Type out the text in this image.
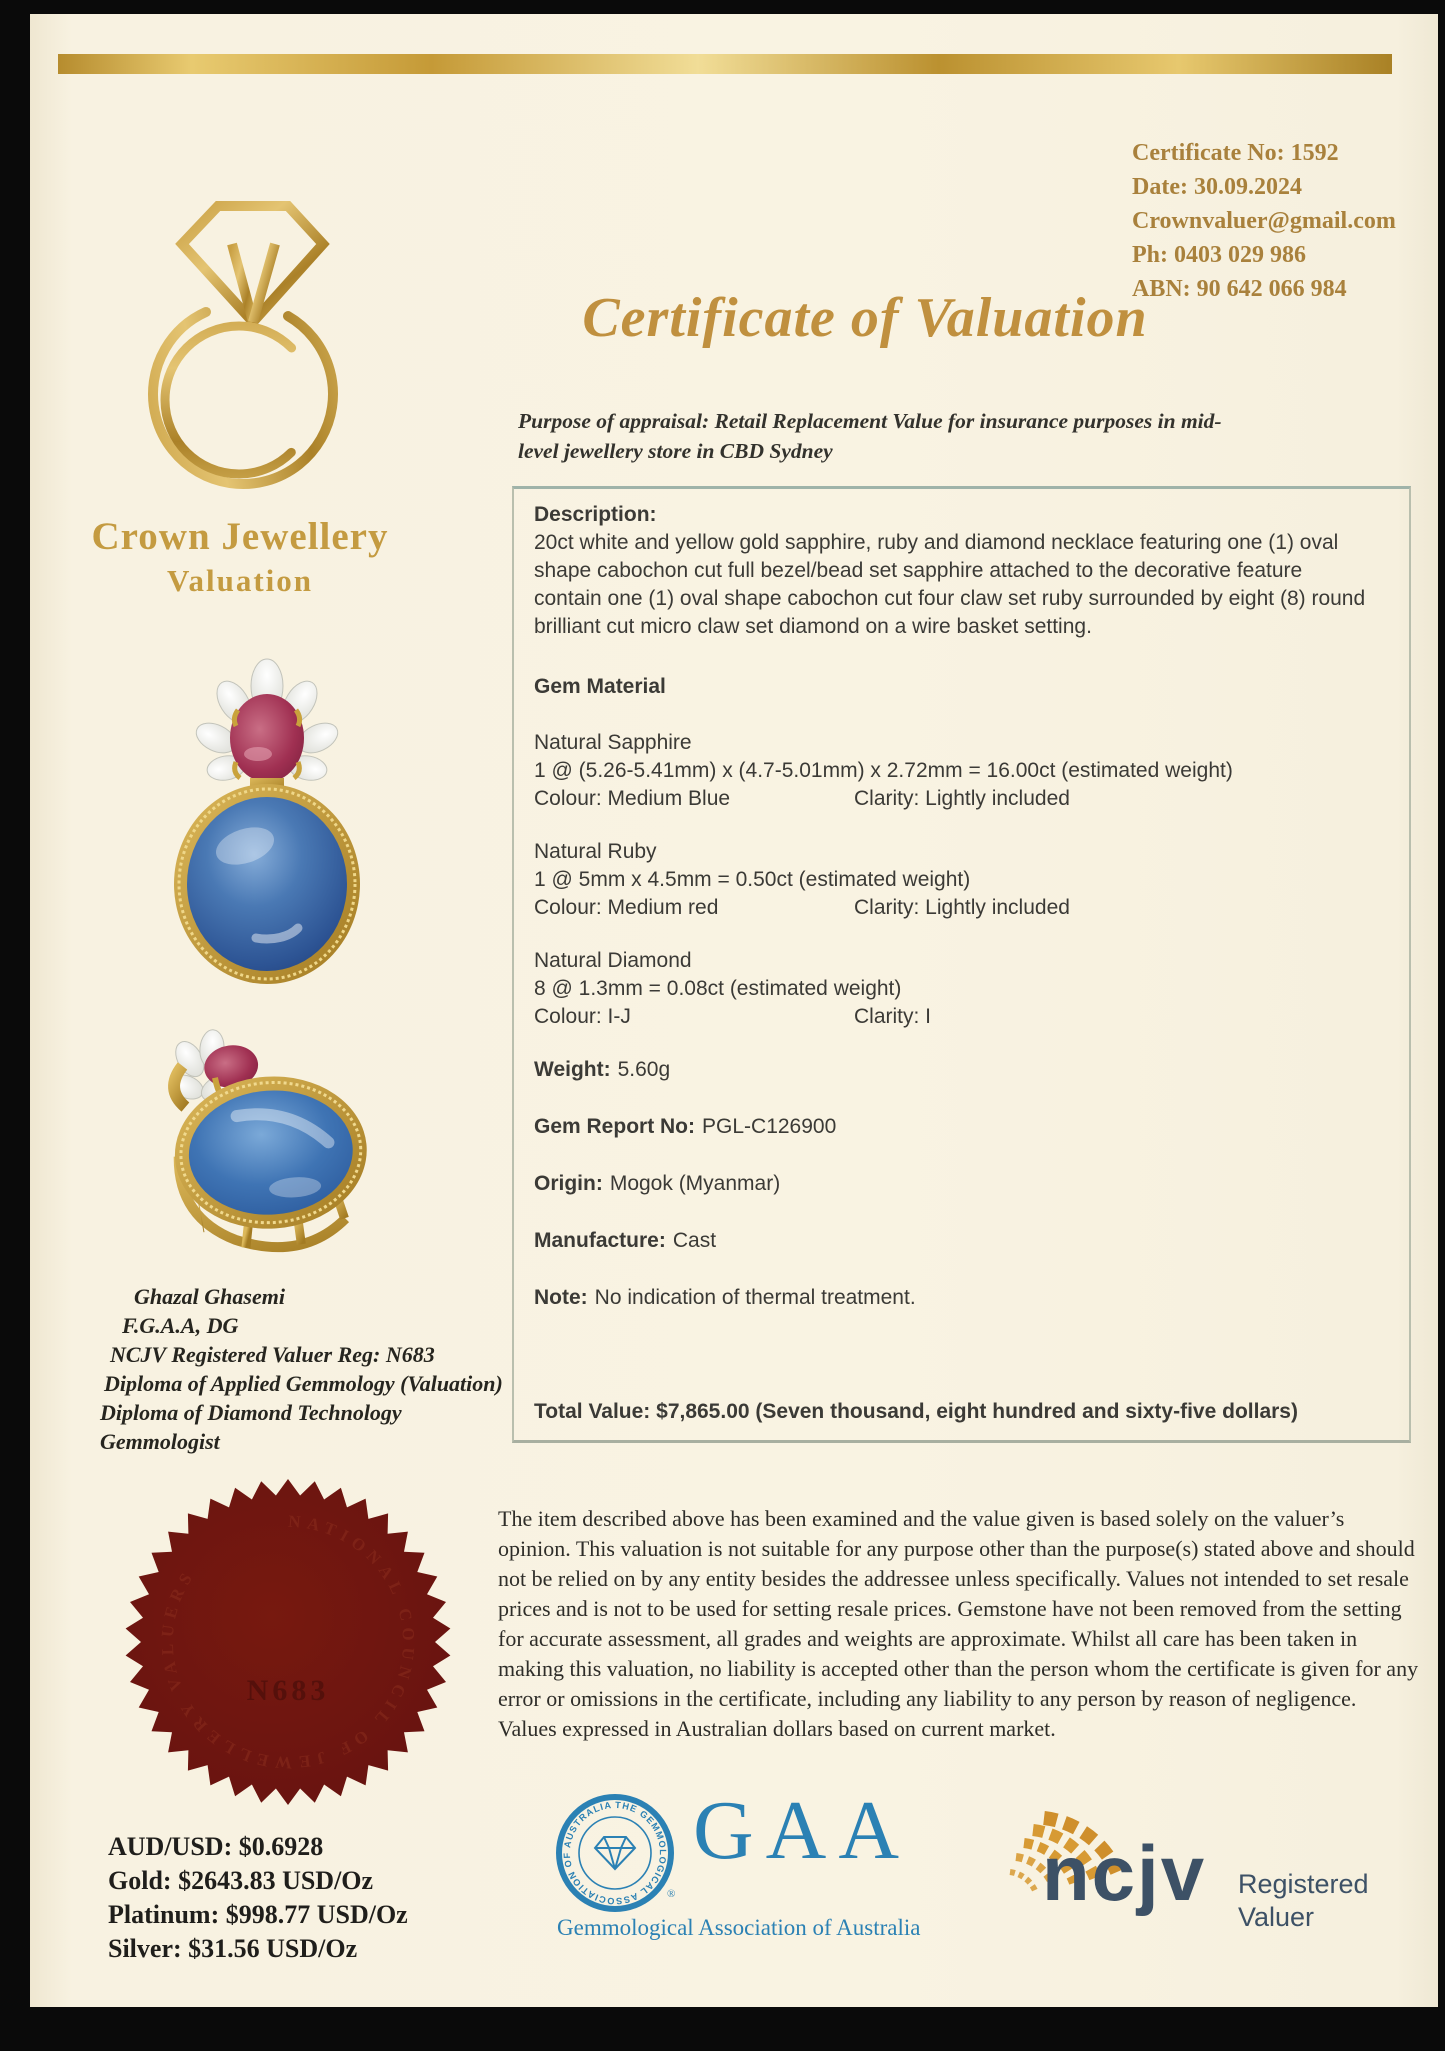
Crown Jewellery
Valuation
Certificate No: 1592
Date: 30.09.2024
Crownvaluer@gmail.com
Ph: 0403 029 986
ABN: 90 642 066 984
Certificate of Valuation
Purpose of appraisal: Retail Replacement Value for insurance purposes in mid-level jewellery store in CBD Sydney
Ghazal Ghasemi
F.G.A.A, DG
NCJV Registered Valuer Reg: N683
Diploma of Applied Gemmology (Valuation)
Diploma of Diamond Technology
Gemmologist
NATIONAL COUNCIL OF JEWELLERY VALUERS
N683
AUD/USD: $0.6928
Gold: $2643.83 USD/Oz
Platinum: $998.77 USD/Oz
Silver: $31.56 USD/Oz
Description:
20ct white and yellow gold sapphire, ruby and diamond necklace featuring one (1) oval shape cabochon cut full bezel/bead set sapphire attached to the decorative feature contain one (1) oval shape cabochon cut four claw set ruby surrounded by eight (8) round brilliant cut micro claw set diamond on a wire basket setting.
Gem Material
Natural Sapphire
1 @ (5.26-5.41mm) x (4.7-5.01mm) x 2.72mm = 16.00ct (estimated weight)
Colour: Medium Blue	Clarity: Lightly included
Natural Ruby
1 @ 5mm x 4.5mm = 0.50ct (estimated weight)
Colour: Medium red	Clarity: Lightly included
Natural Diamond
8 @ 1.3mm = 0.08ct (estimated weight)
Colour: I-J	Clarity: I
Weight: 5.60g
Gem Report No: PGL-C126900
Origin: Mogok (Myanmar)
Manufacture: Cast
Note: No indication of thermal treatment.
Total Value: $7,865.00 (Seven thousand, eight hundred and sixty-five dollars)
The item described above has been examined and the value given is based solely on the valuer’s opinion. This valuation is not suitable for any purpose other than the purpose(s) stated above and should not be relied on by any entity besides the addressee unless specifically. Values not intended to set resale prices and is not to be used for setting resale prices. Gemstone have not been removed from the setting for accurate assessment, all grades and weights are approximate. Whilst all care has been taken in making this valuation, no liability is accepted other than the person whom the certificate is given for any error or omissions in the certificate, including any liability to any person by reason of negligence. Values expressed in Australian dollars based on current market.
THE GEMMOLOGICAL ASSOCIATION OF AUSTRALIA
®
GAA
Gemmological Association of Australia
ncjv Registered
Valuer
